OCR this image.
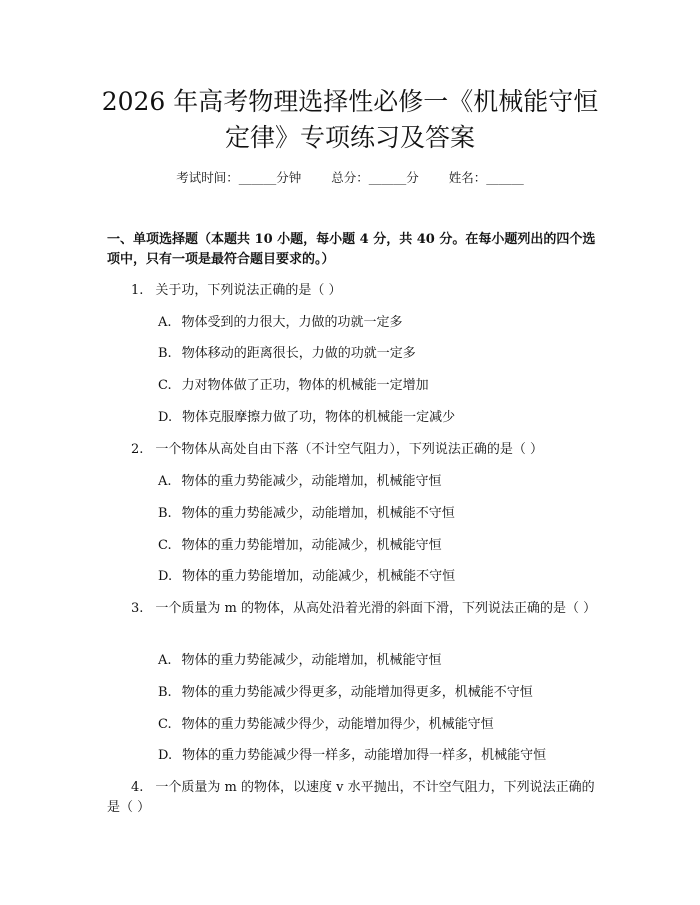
2026 年高考物理选择性必修一《机械能守恒
定律》专项练习及答案
考试时间：______分钟 总分：______分 姓名：______

一、单项选择题（本题共 10 小题，每小题 4 分，共 40 分。在每小题列出的四个选项中，只有一项是最符合题目要求的。）

1. 关于功，下列说法正确的是（ ）

A. 物体受到的力很大，力做的功就一定多

B. 物体移动的距离很长，力做的功就一定多

C. 力对物体做了正功，物体的机械能一定增加

D. 物体克服摩擦力做了功，物体的机械能一定减少

2. 一个物体从高处自由下落（不计空气阻力），下列说法正确的是（ ）

A. 物体的重力势能减少，动能增加，机械能守恒

B. 物体的重力势能减少，动能增加，机械能不守恒

C. 物体的重力势能增加，动能减少，机械能守恒

D. 物体的重力势能增加，动能减少，机械能不守恒

3. 一个质量为 m 的物体，从高处沿着光滑的斜面下滑，下列说法正确的是（ ）

A. 物体的重力势能减少，动能增加，机械能守恒

B. 物体的重力势能减少得更多，动能增加得更多，机械能不守恒

C. 物体的重力势能减少得少，动能增加得少，机械能守恒

D. 物体的重力势能减少得一样多，动能增加得一样多，机械能守恒

4. 一个质量为 m 的物体，以速度 v 水平抛出，不计空气阻力，下列说法正确的是（ ）
